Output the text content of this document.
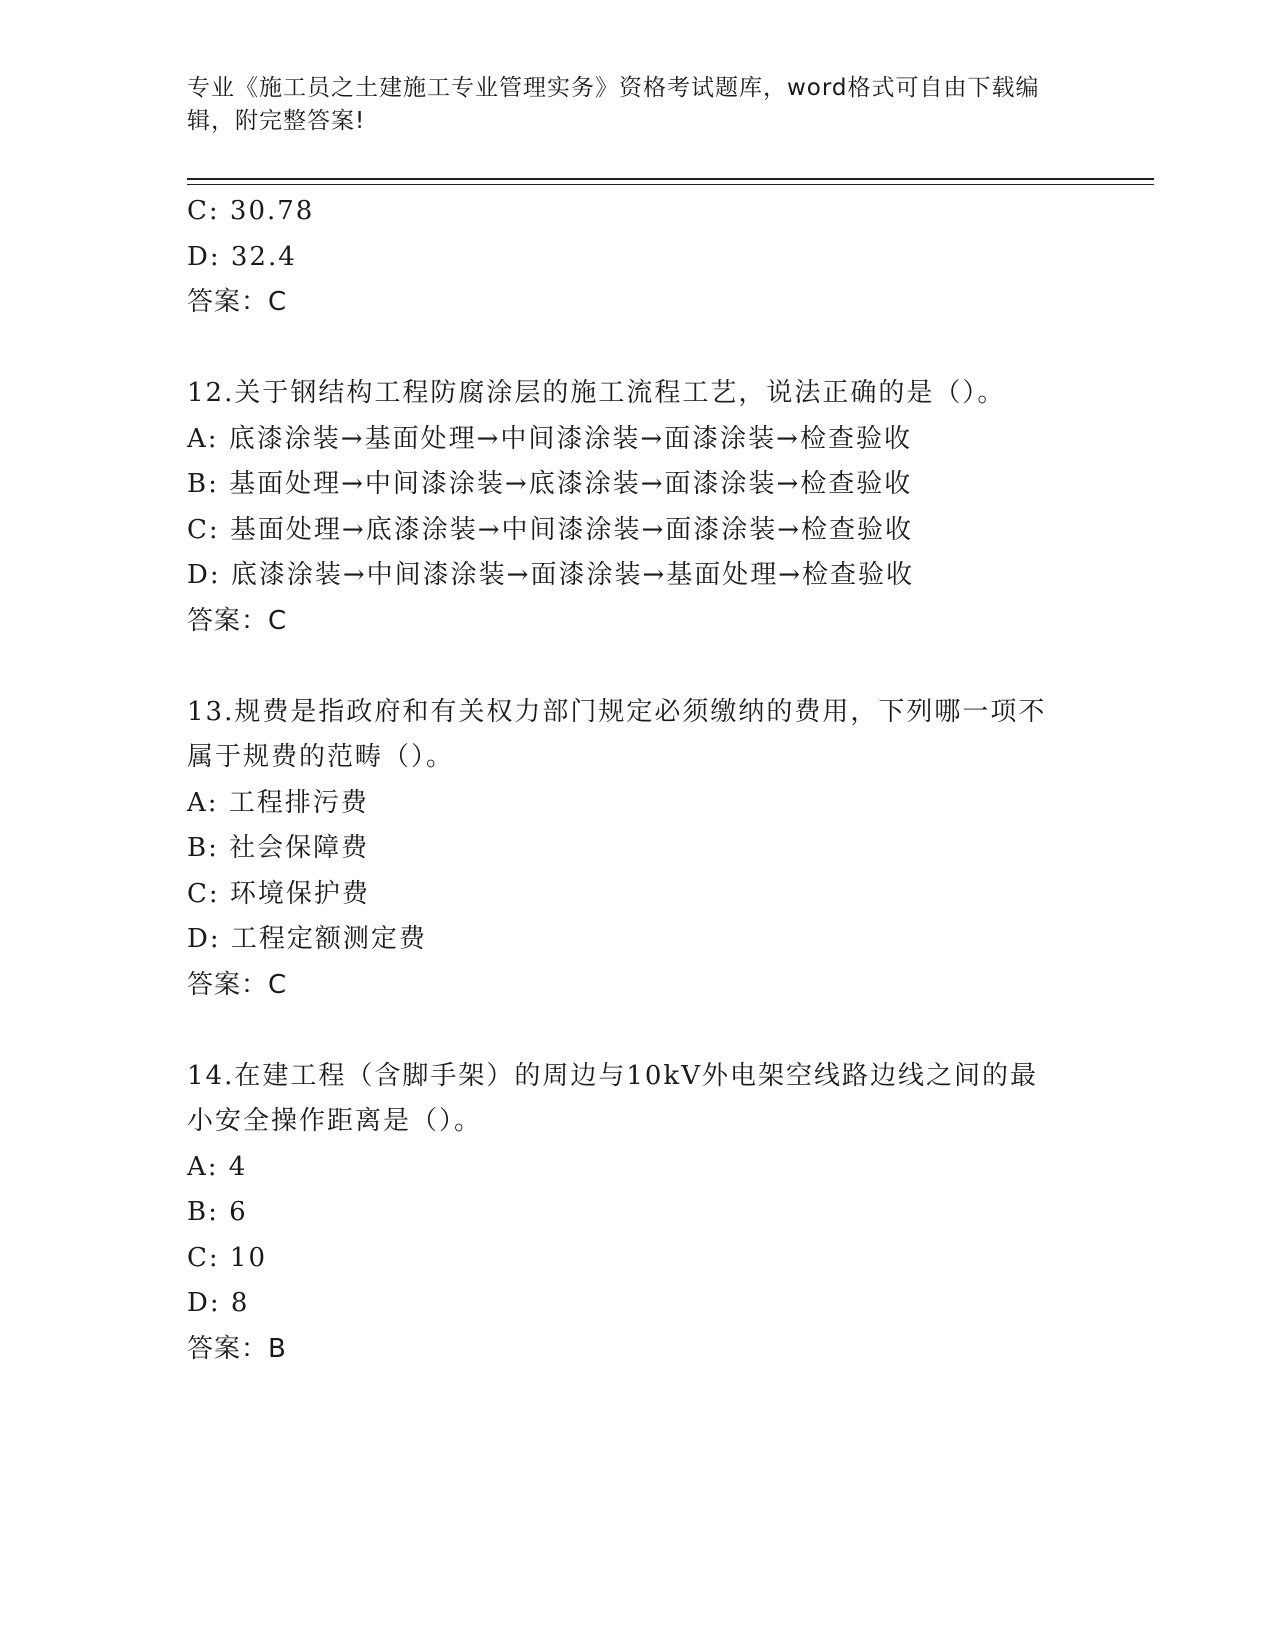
专业《施工员之土建施工专业管理实务》资格考试题库，word格式可自由下载编
辑，附完整答案!
C: 30.78
D: 32.4
答案：C
12.关于钢结构工程防腐涂层的施工流程工艺，说法正确的是（）。
A: 底漆涂装→基面处理→中间漆涂装→面漆涂装→检查验收
B: 基面处理→中间漆涂装→底漆涂装→面漆涂装→检查验收
C: 基面处理→底漆涂装→中间漆涂装→面漆涂装→检查验收
D: 底漆涂装→中间漆涂装→面漆涂装→基面处理→检查验收
答案：C
13.规费是指政府和有关权力部门规定必须缴纳的费用，下列哪一项不
属于规费的范畴（）。
A: 工程排污费
B: 社会保障费
C: 环境保护费
D: 工程定额测定费
答案：C
14.在建工程（含脚手架）的周边与10kV外电架空线路边线之间的最
小安全操作距离是（）。
A: 4
B: 6
C: 10
D: 8
答案：B
